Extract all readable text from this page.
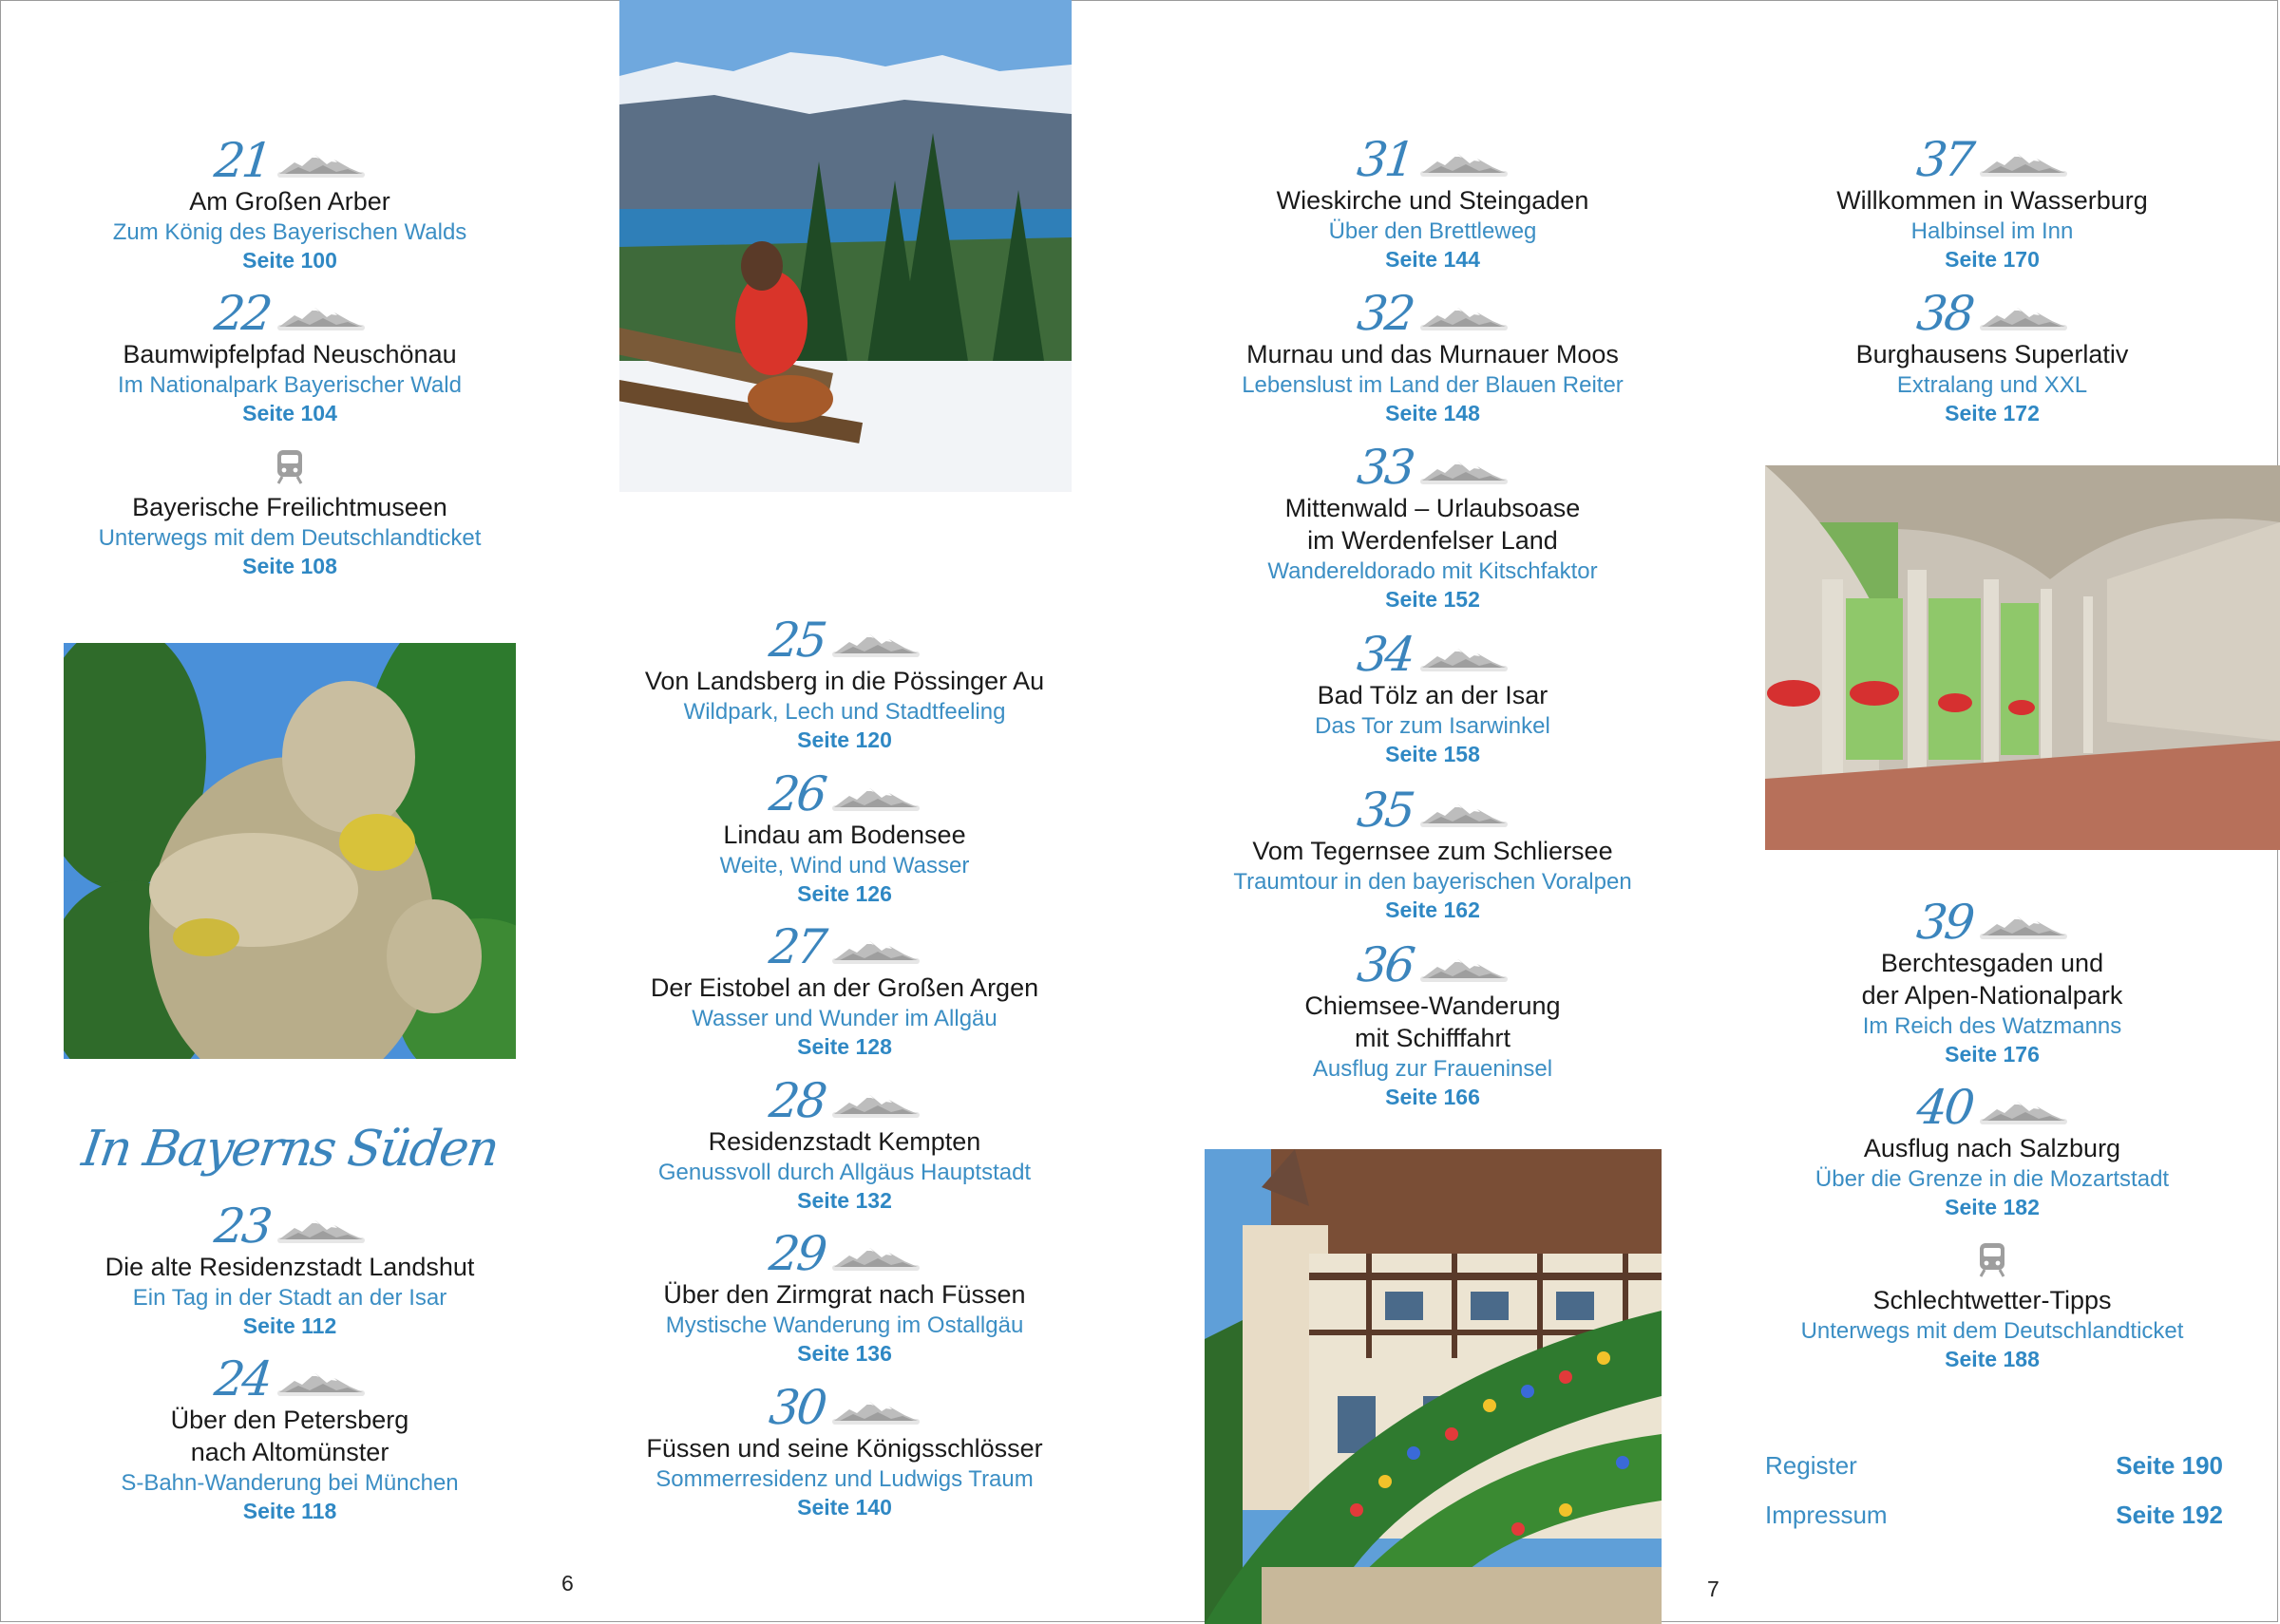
21
Am Großen Arber
Zum König des Bayerischen Walds
Seite 100
22
Baumwipfelpfad Neuschönau
Im Nationalpark Bayerischer Wald
Seite 104
Bayerische Freilichtmuseen
Unterwegs mit dem Deutschlandticket
Seite 108
In Bayerns Süden
23
Die alte Residenzstadt Landshut
Ein Tag in der Stadt an der Isar
Seite 112
24
Über den Petersberg
nach Altomünster
S-Bahn-Wanderung bei München
Seite 118
6
25
Von Landsberg in die Pössinger Au
Wildpark, Lech und Stadtfeeling
Seite 120
26
Lindau am Bodensee
Weite, Wind und Wasser
Seite 126
27
Der Eistobel an der Großen Argen
Wasser und Wunder im Allgäu
Seite 128
28
Residenzstadt Kempten
Genussvoll durch Allgäus Hauptstadt
Seite 132
29
Über den Zirmgrat nach Füssen
Mystische Wanderung im Ostallgäu
Seite 136
30
Füssen und seine Königsschlösser
Sommerresidenz und Ludwigs Traum
Seite 140
31
Wieskirche und Steingaden
Über den Brettleweg
Seite 144
32
Murnau und das Murnauer Moos
Lebenslust im Land der Blauen Reiter
Seite 148
33
Mittenwald – Urlaubsoase
im Werdenfelser Land
Wandereldorado mit Kitschfaktor
Seite 152
34
Bad Tölz an der Isar
Das Tor zum Isarwinkel
Seite 158
35
Vom Tegernsee zum Schliersee
Traumtour in den bayerischen Voralpen
Seite 162
36
Chiemsee-Wanderung
mit Schifffahrt
Ausflug zur Fraueninsel
Seite 166
7
37
Willkommen in Wasserburg
Halbinsel im Inn
Seite 170
38
Burghausens Superlativ
Extralang und XXL
Seite 172
39
Berchtesgaden und
der Alpen-Nationalpark
Im Reich des Watzmanns
Seite 176
40
Ausflug nach Salzburg
Über die Grenze in die Mozartstadt
Seite 182
Schlechtwetter-Tipps
Unterwegs mit dem Deutschlandticket
Seite 188
Register	Seite 190
Impressum	Seite 192
